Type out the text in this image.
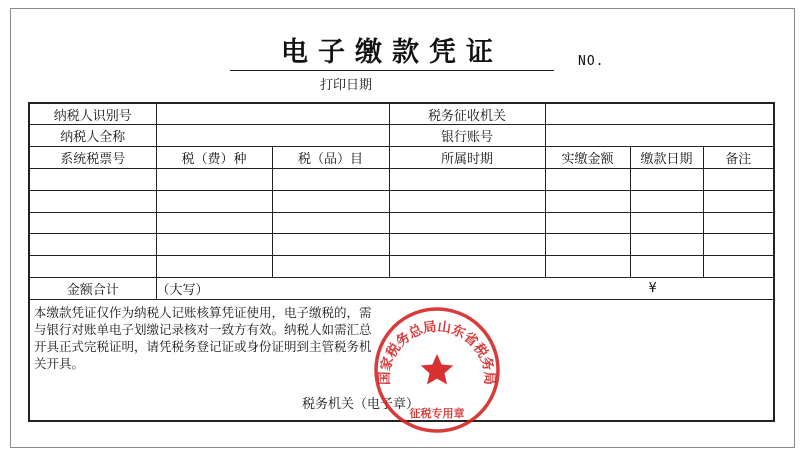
电子缴款凭证	NO.
打印日期
纳税人识别号			税务征收机关			
纳税人全称			银行账号			
系统税票号	税（费）种	税（品）目	所属时期	实缴金额	缴款日期	备注

金额合计	（大写） ¥					

本缴款凭证仅作为纳税人记账核算凭证使用，电子缴税的，需
与银行对账单电子划缴记录核对一致方有效。纳税人如需汇总
开具正式完税证明，请凭税务登记证或身份证明到主管税务机
关开具。
税务机关（电子章）						
国家税务总局山东省税务局
征税专用章
